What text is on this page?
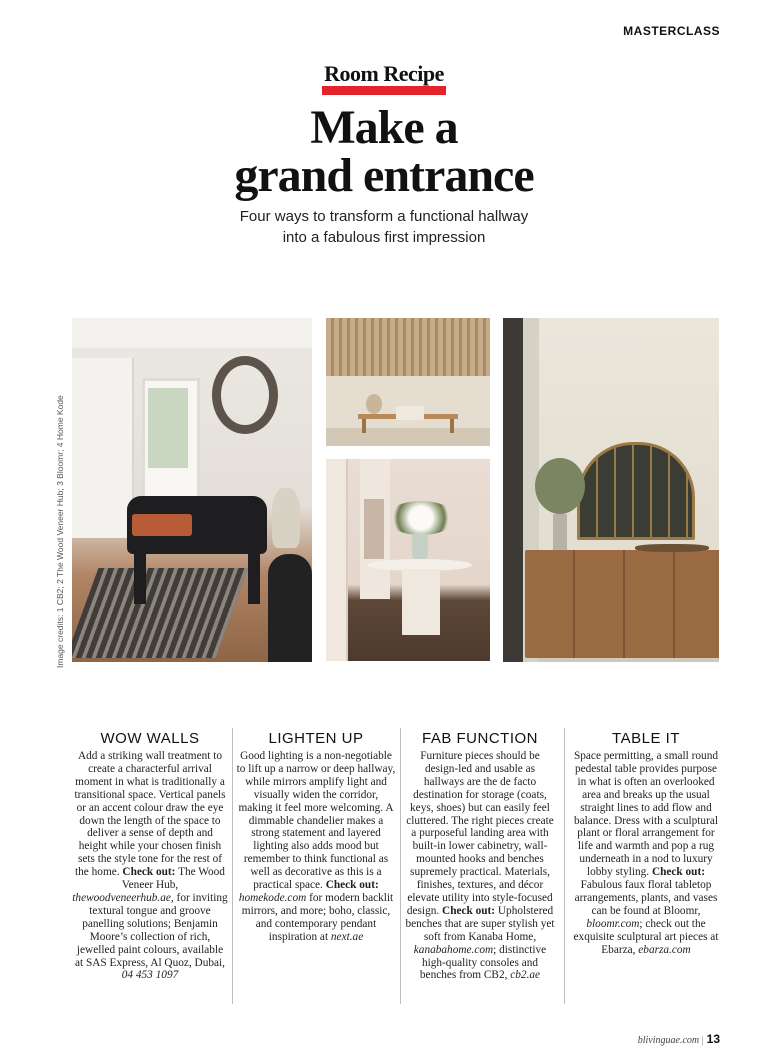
MASTERCLASS
Room Recipe
Make a
grand entrance
Four ways to transform a functional hallway
into a fabulous first impression
Image credits: 1 CB2; 2 The Wood Veneer Hub; 3 Bloomr; 4 Home Kode
WOW WALLS

Add a striking wall treatment to create a characterful arrival moment in what is traditionally a transitional space. Vertical panels or an accent colour draw the eye down the length of the space to deliver a sense of depth and height while your chosen finish sets the style tone for the rest of the home. Check out: The Wood Veneer Hub, thewoodveneerhub.ae, for inviting textural tongue and groove panelling solutions; Benjamin Moore’s collection of rich, jewelled paint colours, available at SAS Express, Al Quoz, Dubai, 04 453 1097

LIGHTEN UP

Good lighting is a non-negotiable to lift up a narrow or deep hallway, while mirrors amplify light and visually widen the corridor, making it feel more welcoming. A dimmable chandelier makes a strong statement and layered lighting also adds mood but remember to think functional as well as decorative as this is a practical space. Check out: homekode.com for modern backlit mirrors, and more; boho, classic, and contemporary pendant inspiration at next.ae

FAB FUNCTION

Furniture pieces should be design-led and usable as hallways are the de facto destination for storage (coats, keys, shoes) but can easily feel cluttered. The right pieces create a purposeful landing area with built-in lower cabinetry, wall-mounted hooks and benches supremely practical. Materials, finishes, textures, and décor elevate utility into style-focused design. Check out: Upholstered benches that are super stylish yet soft from Kanaba Home, kanabahome.com; distinctive high-quality consoles and benches from CB2, cb2.ae

TABLE IT

Space permitting, a small round pedestal table provides purpose in what is often an overlooked area and breaks up the usual straight lines to add flow and balance. Dress with a sculptural plant or floral arrangement for life and warmth and pop a rug underneath in a nod to luxury lobby styling. Check out: Fabulous faux floral tabletop arrangements, plants, and vases can be found at Bloomr, bloomr.com; check out the exquisite sculptural art pieces at Ebarza, ebarza.com

blivinguae.com | 13
